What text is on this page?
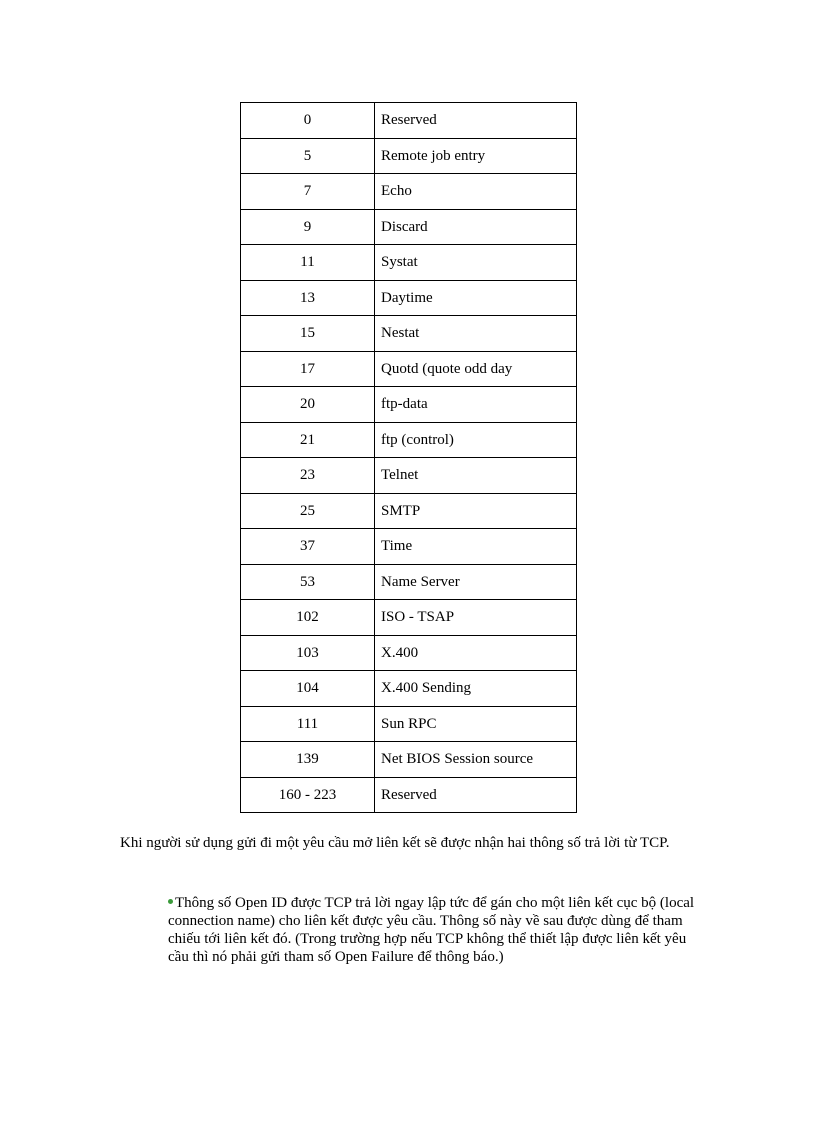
0	Reserved
5	Remote job entry
7	Echo
9	Discard
11	Systat
13	Daytime
15	Nestat
17	Quotd (quote odd day
20	ftp-data
21	ftp (control)
23	Telnet
25	SMTP
37	Time
53	Name Server
102	ISO - TSAP
103	X.400
104	X.400 Sending
111	Sun RPC
139	Net BIOS Session source
160 - 223	Reserved

Khi người sử dụng gửi đi một yêu cầu mở liên kết sẽ được nhận hai thông số trả lời từ TCP.

Thông số Open ID được TCP trả lời ngay lập tức để gán cho một liên kết cục bộ (local connection name) cho liên kết được yêu cầu. Thông số này về sau được dùng để tham chiếu tới liên kết đó. (Trong trường hợp nếu TCP không thể thiết lập được liên kết yêu cầu thì nó phải gửi tham số Open Failure để thông báo.)
